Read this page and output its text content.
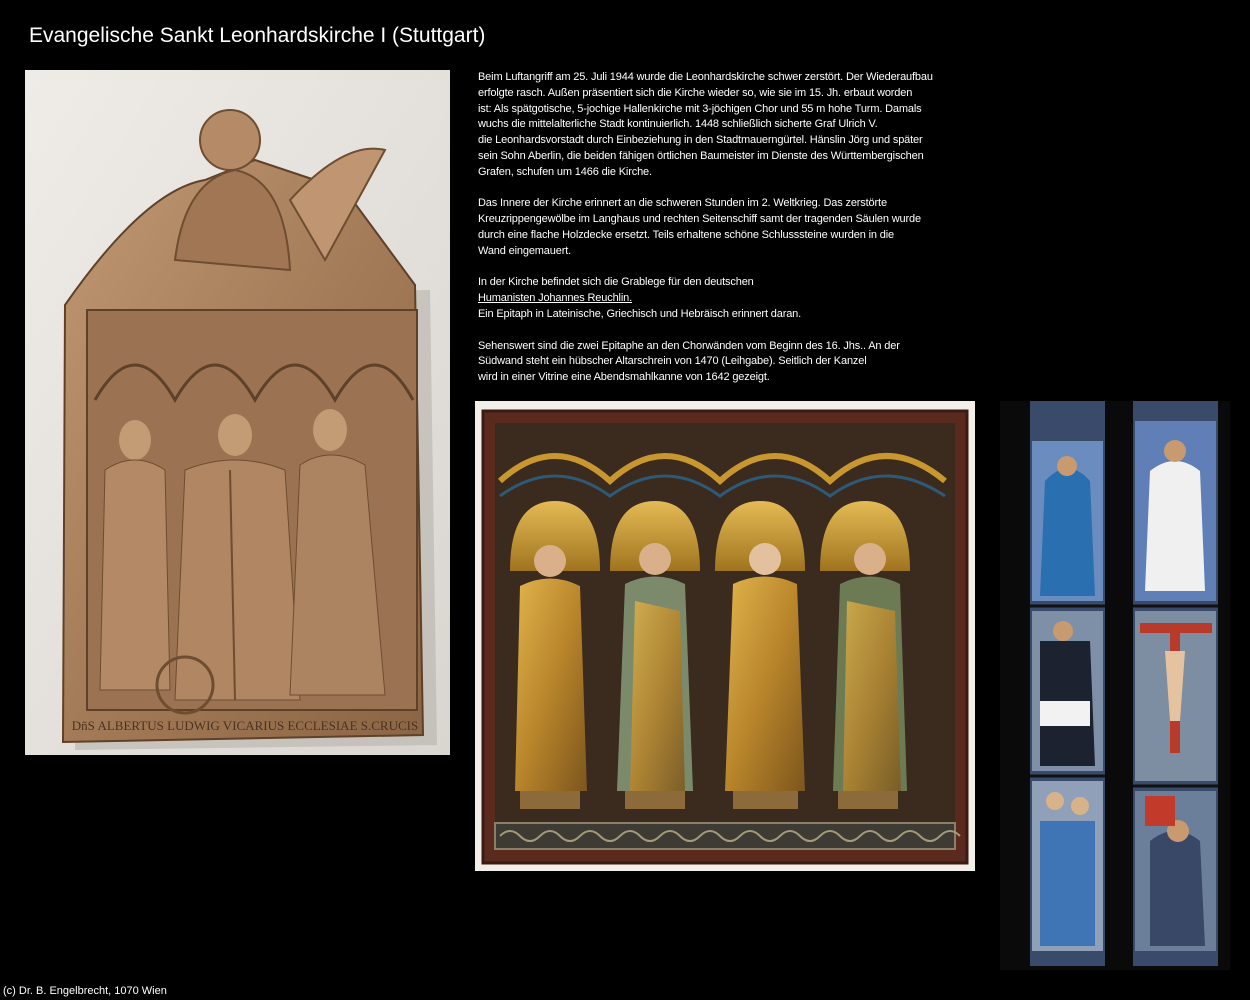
Evangelische Sankt Leonhardskirche I (Stuttgart)
DñS ALBERTUS LUDWIG VICARIUS ECCLESIAE S.CRUCIS

Beim Luftangriff am 25. Juli 1944 wurde die Leonhardskirche schwer zerstört. Der Wiederaufbau
erfolgte rasch. Außen präsentiert sich die Kirche wieder so, wie sie im 15. Jh. erbaut worden
ist: Als spätgotische, 5-jochige Hallenkirche mit 3-jöchigen Chor und 55 m hohe Turm. Damals
wuchs die mittelalterliche Stadt kontinuierlich. 1448 schließlich sicherte Graf Ulrich V.
die Leonhardsvorstadt durch Einbeziehung in den Stadtmauerngürtel. Hänslin Jörg und später
sein Sohn Aberlin, die beiden fähigen örtlichen Baumeister im Dienste des Württembergischen
Grafen, schufen um 1466 die Kirche.

Das Innere der Kirche erinnert an die schweren Stunden im 2. Weltkrieg. Das zerstörte
Kreuzrippengewölbe im Langhaus und rechten Seitenschiff samt der tragenden Säulen wurde
durch eine flache Holzdecke ersetzt. Teils erhaltene schöne Schlusssteine wurden in die
Wand eingemauert.

In der Kirche befindet sich die Grablege für den deutschen
Humanisten Johannes Reuchlin.
Ein Epitaph in Lateinische, Griechisch und Hebräisch erinnert daran.

Sehenswert sind die zwei Epitaphe an den Chorwänden vom Beginn des 16. Jhs.. An der
Südwand steht ein hübscher Altarschrein von 1470 (Leihgabe). Seitlich der Kanzel
wird in einer Vitrine eine Abendsmahlkanne von 1642 gezeigt.

(c) Dr. B. Engelbrecht, 1070 Wien
